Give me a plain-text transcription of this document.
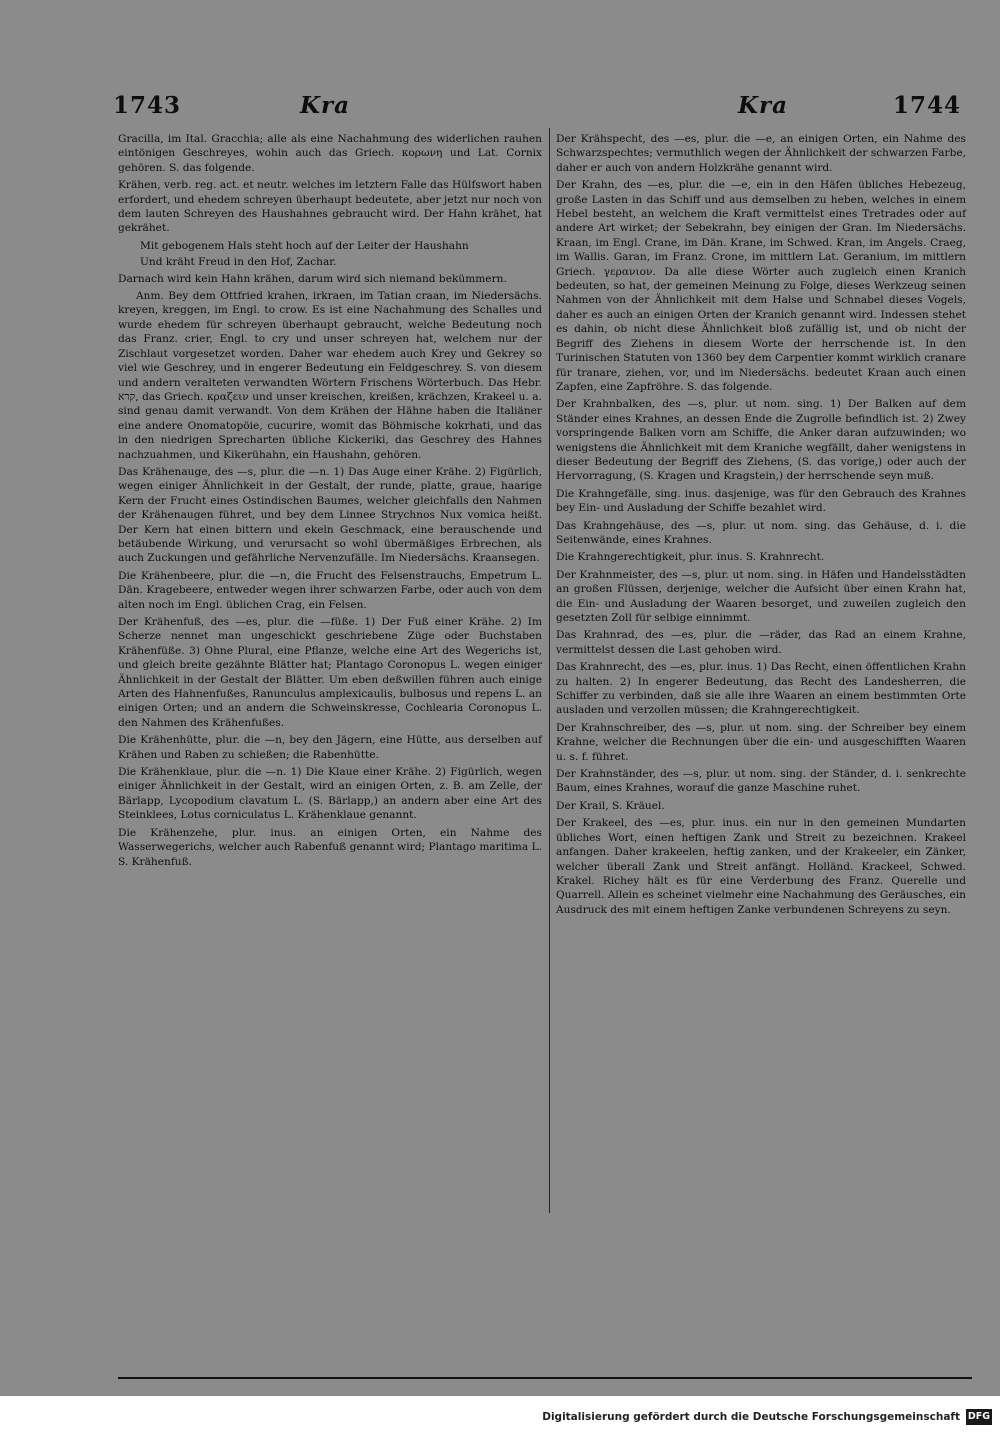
1743	Kra	Kra	1744

Gracilla, im Ital. Gracchia; alle als eine Nachahmung des widerlichen rauhen eintönigen Geschreyes, wohin auch das Griech. κορωνη und Lat. Cornix gehören. S. das folgende.

Krähen, verb. reg. act. et neutr. welches im letztern Falle das Hülfswort haben erfordert, und ehedem schreyen überhaupt bedeutete, aber jetzt nur noch von dem lauten Schreyen des Haushahnes gebraucht wird. Der Hahn krähet, hat gekrähet.

Mit gebogenem Hals steht hoch auf der Leiter der Haushahn

Und kräht Freud in den Hof, Zachar.

Darnach wird kein Hahn krähen, darum wird sich niemand bekümmern.

Anm. Bey dem Ottfried krahen, irkraen, im Tatian craan, im Niedersächs. kreyen, kreggen, im Engl. to crow. Es ist eine Nachahmung des Schalles und wurde ehedem für schreyen überhaupt gebraucht, welche Bedeutung noch das Franz. crier, Engl. to cry und unser schreyen hat, welchem nur der Zischlaut vorgesetzet worden. Daher war ehedem auch Krey und Gekrey so viel wie Geschrey, und in engerer Bedeutung ein Feldgeschrey. S. von diesem und andern veralteten verwandten Wörtern Frischens Wörterbuch. Das Hebr. קרא, das Griech. κραζειν und unser kreischen, kreißen, krächzen, Krakeel u. a. sind genau damit verwandt. Von dem Krähen der Hähne haben die Italiäner eine andere Onomatopöie, cucurire, womit das Böhmische kokrhati, und das in den niedrigen Sprecharten übliche Kickeriki, das Geschrey des Hahnes nachzuahmen, und Kikerühahn, ein Haushahn, gehören.

Das Krähenauge, des —s, plur. die —n. 1) Das Auge einer Krähe. 2) Figürlich, wegen einiger Ähnlichkeit in der Gestalt, der runde, platte, graue, haarige Kern der Frucht eines Ostindischen Baumes, welcher gleichfalls den Nahmen der Krähenaugen führet, und bey dem Linnee Strychnos Nux vomica heißt. Der Kern hat einen bittern und ekeln Geschmack, eine berauschende und betäubende Wirkung, und verursacht so wohl übermäßiges Erbrechen, als auch Zuckungen und gefährliche Nervenzufälle. Im Niedersächs. Kraansegen.

Die Krähenbeere, plur. die —n, die Frucht des Felsenstrauchs, Empetrum L. Dän. Kragebeere, entweder wegen ihrer schwarzen Farbe, oder auch von dem alten noch im Engl. üblichen Crag, ein Felsen.

Der Krähenfuß, des —es, plur. die —füße. 1) Der Fuß einer Krähe. 2) Im Scherze nennet man ungeschickt geschriebene Züge oder Buchstaben Krähenfüße. 3) Ohne Plural, eine Pflanze, welche eine Art des Wegerichs ist, und gleich breite gezähnte Blätter hat; Plantago Coronopus L. wegen einiger Ähnlichkeit in der Gestalt der Blätter. Um eben deßwillen führen auch einige Arten des Hahnenfußes, Ranunculus amplexicaulis, bulbosus und repens L. an einigen Orten; und an andern die Schweinskresse, Cochlearia Coronopus L. den Nahmen des Krähenfußes.

Die Krähenhütte, plur. die —n, bey den Jägern, eine Hütte, aus derselben auf Krähen und Raben zu schießen; die Rabenhütte.

Die Krähenklaue, plur. die —n. 1) Die Klaue einer Krähe. 2) Figürlich, wegen einiger Ähnlichkeit in der Gestalt, wird an einigen Orten, z. B. am Zelle, der Bärlapp, Lycopodium clavatum L. (S. Bärlapp,) an andern aber eine Art des Steinklees, Lotus corniculatus L. Krähenklaue genannt.

Die Krähenzehe, plur. inus. an einigen Orten, ein Nahme des Wasserwegerichs, welcher auch Rabenfuß genannt wird; Plantago maritima L. S. Krähenfuß.

Der Krähspecht, des —es, plur. die —e, an einigen Orten, ein Nahme des Schwarzspechtes; vermuthlich wegen der Ähnlichkeit der schwarzen Farbe, daher er auch von andern Holzkrähe genannt wird.

Der Krahn, des —es, plur. die —e, ein in den Häfen übliches Hebezeug, große Lasten in das Schiff und aus demselben zu heben, welches in einem Hebel besteht, an welchem die Kraft vermittelst eines Tretrades oder auf andere Art wirket; der Sebekrahn, bey einigen der Gran. Im Niedersächs. Kraan, im Engl. Crane, im Dän. Krane, im Schwed. Kran, im Angels. Craeg, im Wallis. Garan, im Franz. Crone, im mittlern Lat. Geranium, im mittlern Griech. γερανιον. Da alle diese Wörter auch zugleich einen Kranich bedeuten, so hat, der gemeinen Meinung zu Folge, dieses Werkzeug seinen Nahmen von der Ähnlichkeit mit dem Halse und Schnabel dieses Vogels, daher es auch an einigen Orten der Kranich genannt wird. Indessen stehet es dahin, ob nicht diese Ähnlichkeit bloß zufällig ist, und ob nicht der Begriff des Ziehens in diesem Worte der herrschende ist. In den Turinischen Statuten von 1360 bey dem Carpentier kommt wirklich cranare für tranare, ziehen, vor, und im Niedersächs. bedeutet Kraan auch einen Zapfen, eine Zapfröhre. S. das folgende.

Der Krahnbalken, des —s, plur. ut nom. sing. 1) Der Balken auf dem Ständer eines Krahnes, an dessen Ende die Zugrolle befindlich ist. 2) Zwey vorspringende Balken vorn am Schiffe, die Anker daran aufzuwinden; wo wenigstens die Ähnlichkeit mit dem Kraniche wegfällt, daher wenigstens in dieser Bedeutung der Begriff des Ziehens, (S. das vorige,) oder auch der Hervorragung, (S. Kragen und Kragstein,) der herrschende seyn muß.

Die Krahngefälle, sing. inus. dasjenige, was für den Gebrauch des Krahnes bey Ein- und Ausladung der Schiffe bezahlet wird.

Das Krahngehäuse, des —s, plur. ut nom. sing. das Gehäuse, d. i. die Seitenwände, eines Krahnes.

Die Krahngerechtigkeit, plur. inus. S. Krahnrecht.

Der Krahnmeister, des —s, plur. ut nom. sing. in Häfen und Handelsstädten an großen Flüssen, derjenige, welcher die Aufsicht über einen Krahn hat, die Ein- und Ausladung der Waaren besorget, und zuweilen zugleich den gesetzten Zoll für selbige einnimmt.

Das Krahnrad, des —es, plur. die —räder, das Rad an einem Krahne, vermittelst dessen die Last gehoben wird.

Das Krahnrecht, des —es, plur. inus. 1) Das Recht, einen öffentlichen Krahn zu halten. 2) In engerer Bedeutung, das Recht des Landesherren, die Schiffer zu verbinden, daß sie alle ihre Waaren an einem bestimmten Orte ausladen und verzollen müssen; die Krahngerechtigkeit.

Der Krahnschreiber, des —s, plur. ut nom. sing. der Schreiber bey einem Krahne, welcher die Rechnungen über die ein- und ausgeschifften Waaren u. s. f. führet.

Der Krahnständer, des —s, plur. ut nom. sing. der Ständer, d. i. senkrechte Baum, eines Krahnes, worauf die ganze Maschine ruhet.

Der Krail, S. Kräuel.

Der Krakeel, des —es, plur. inus. ein nur in den gemeinen Mundarten übliches Wort, einen heftigen Zank und Streit zu bezeichnen. Krakeel anfangen. Daher krakeelen, heftig zanken, und der Krakeeler, ein Zänker, welcher überall Zank und Streit anfängt. Holländ. Krackeel, Schwed. Krakel. Richey hält es für eine Verderbung des Franz. Querelle und Quarrell. Allein es scheinet vielmehr eine Nachahmung des Geräusches, ein Ausdruck des mit einem heftigen Zanke verbundenen Schreyens zu seyn.

Digitalisierung gefördert durch die Deutsche Forschungsgemeinschaft DFG
